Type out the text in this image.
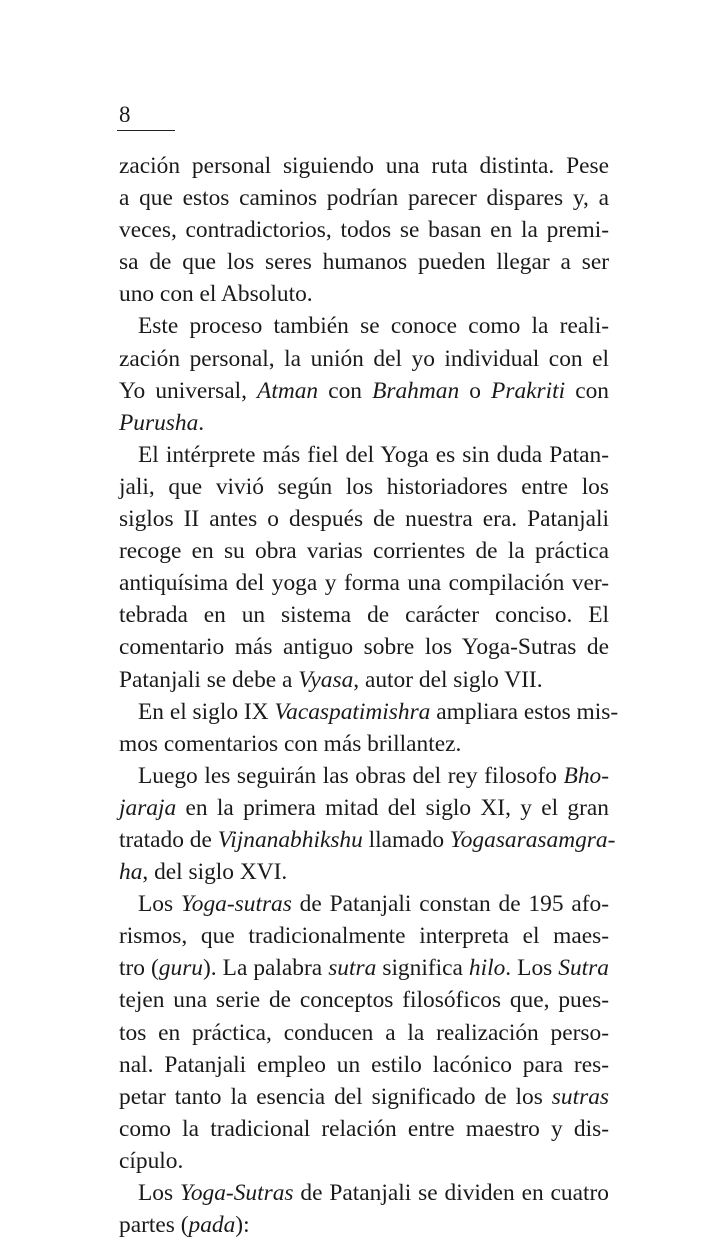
8
zación personal siguiendo una ruta distinta. Pese
a que estos caminos podrían parecer dispares y, a
veces, contradictorios, todos se basan en la premi-
sa de que los seres humanos pueden llegar a ser
uno con el Absoluto.
Este proceso también se conoce como la reali-
zación personal, la unión del yo individual con el
Yo universal, Atman con Brahman o Prakriti con
Purusha.
El intérprete más fiel del Yoga es sin duda Patan-
jali, que vivió según los historiadores entre los
siglos II antes o después de nuestra era. Patanjali
recoge en su obra varias corrientes de la práctica
antiquísima del yoga y forma una compilación ver-
tebrada en un sistema de carácter conciso. El
comentario más antiguo sobre los Yoga-Sutras de
Patanjali se debe a Vyasa, autor del siglo VII.
En el siglo IX Vacaspatimishra ampliara estos mis-
mos comentarios con más brillantez.
Luego les seguirán las obras del rey filosofo Bho-
jaraja en la primera mitad del siglo XI, y el gran
tratado de Vijnanabhikshu llamado Yogasarasamgra-
ha, del siglo XVI.
Los Yoga-sutras de Patanjali constan de 195 afo-
rismos, que tradicionalmente interpreta el maes-
tro (guru). La palabra sutra significa hilo. Los Sutra
tejen una serie de conceptos filosóficos que, pues-
tos en práctica, conducen a la realización perso-
nal. Patanjali empleo un estilo lacónico para res-
petar tanto la esencia del significado de los sutras
como la tradicional relación entre maestro y dis-
cípulo.
Los Yoga-Sutras de Patanjali se dividen en cuatro
partes (pada):
